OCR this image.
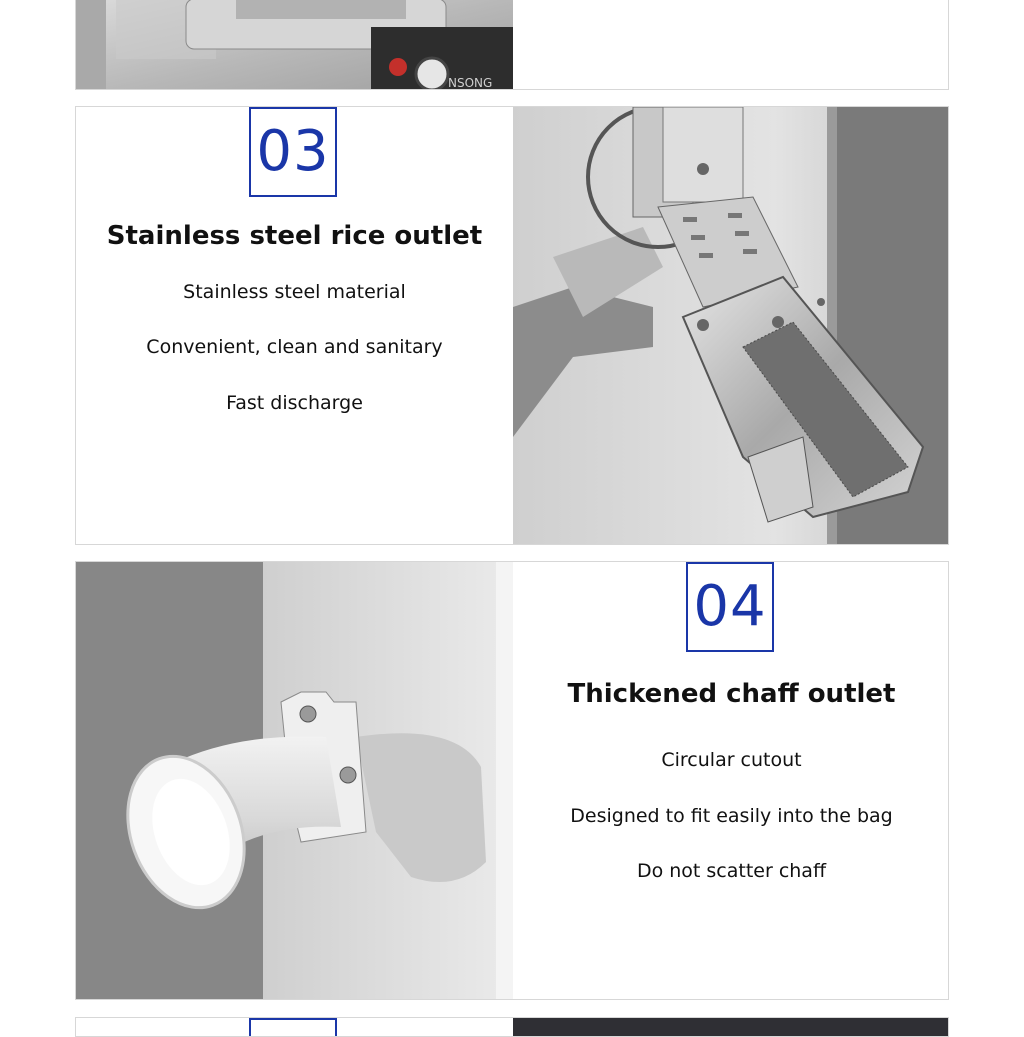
NSONG
03
Stainless steel rice outlet
Stainless steel material
Convenient, clean and sanitary
Fast discharge
04
Thickened chaff outlet
Circular cutout
Designed to fit easily into the bag
Do not scatter chaff
